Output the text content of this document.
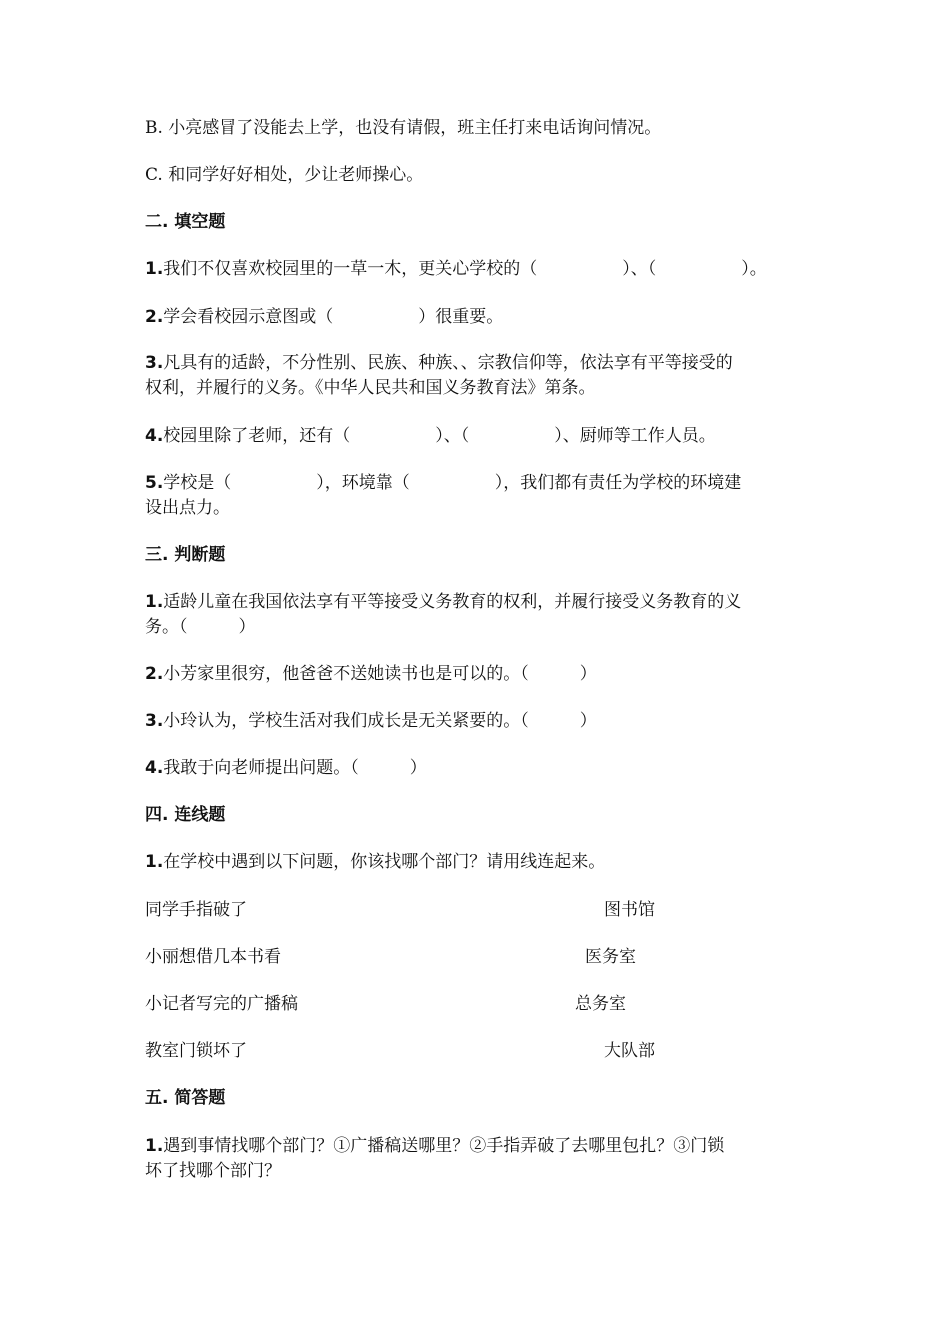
B. 小亮感冒了没能去上学，也没有请假，班主任打来电话询问情况。
C. 和同学好好相处，少让老师操心。
二. 填空题
1.我们不仅喜欢校园里的一草一木，更关心学校的（　　　　　）、（　　　　　）。
2.学会看校园示意图或（　　　　　）很重要。
3.凡具有的适龄，不分性别、民族、种族、、宗教信仰等，依法享有平等接受的
权利，并履行的义务。《中华人民共和国义务教育法》第条。
4.校园里除了老师，还有（　　　　　）、（　　　　　）、厨师等工作人员。
5.学校是（　　　　　），环境靠（　　　　　），我们都有责任为学校的环境建
设出点力。
三. 判断题
1.适龄儿童在我国依法享有平等接受义务教育的权利，并履行接受义务教育的义
务。（　　　）
2.小芳家里很穷，他爸爸不送她读书也是可以的。（　　　）
3.小玲认为，学校生活对我们成长是无关紧要的。（　　　）
4.我敢于向老师提出问题。（　　　）
四. 连线题
1.在学校中遇到以下问题，你该找哪个部门？请用线连起来。
同学手指破了	图书馆
小丽想借几本书看	医务室
小记者写完的广播稿	总务室
教室门锁坏了	大队部
五. 简答题
1.遇到事情找哪个部门？①广播稿送哪里？②手指弄破了去哪里包扎？③门锁
坏了找哪个部门？
